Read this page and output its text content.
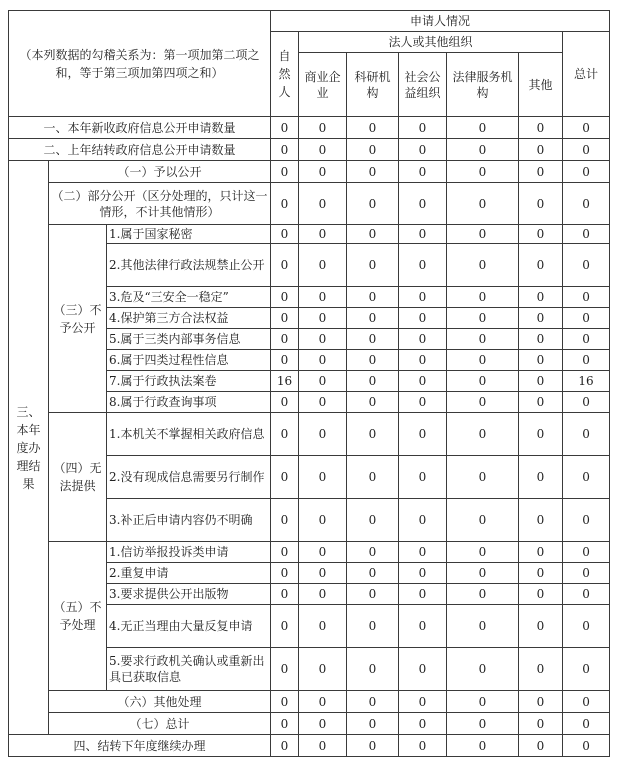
（本列数据的勾稽关系为：第一项加第二项之和，等于第三项加第四项之和）			申请人情况						
			自然人	法人或其他组织					总计
				商业企业	科研机构	社会公益组织	法律服务机构	其他	
一、本年新收政府信息公开申请数量			0	0	0	0	0	0	0
二、上年结转政府信息公开申请数量			0	0	0	0	0	0	0
三、本年度办理结果	（一）予以公开		0	0	0	0	0	0	0
	（二）部分公开（区分处理的，只计这一情形，不计其他情形）		0	0	0	0	0	0	0
	（三）不予公开	1.属于国家秘密	0	0	0	0	0	0	0
		2.其他法律行政法规禁止公开	0	0	0	0	0	0	0
		3.危及“三安全一稳定”	0	0	0	0	0	0	0
		4.保护第三方合法权益	0	0	0	0	0	0	0
		5.属于三类内部事务信息	0	0	0	0	0	0	0
		6.属于四类过程性信息	0	0	0	0	0	0	0
		7.属于行政执法案卷	16	0	0	0	0	0	16
		8.属于行政查询事项	0	0	0	0	0	0	0
	（四）无法提供	1.本机关不掌握相关政府信息	0	0	0	0	0	0	0
		2.没有现成信息需要另行制作	0	0	0	0	0	0	0
		3.补正后申请内容仍不明确	0	0	0	0	0	0	0
	（五）不予处理	1.信访举报投诉类申请	0	0	0	0	0	0	0
		2.重复申请	0	0	0	0	0	0	0
		3.要求提供公开出版物	0	0	0	0	0	0	0
		4.无正当理由大量反复申请	0	0	0	0	0	0	0
		5.要求行政机关确认或重新出具已获取信息	0	0	0	0	0	0	0
	（六）其他处理		0	0	0	0	0	0	0
	（七）总计		0	0	0	0	0	0	0
四、结转下年度继续办理			0	0	0	0	0	0	0
